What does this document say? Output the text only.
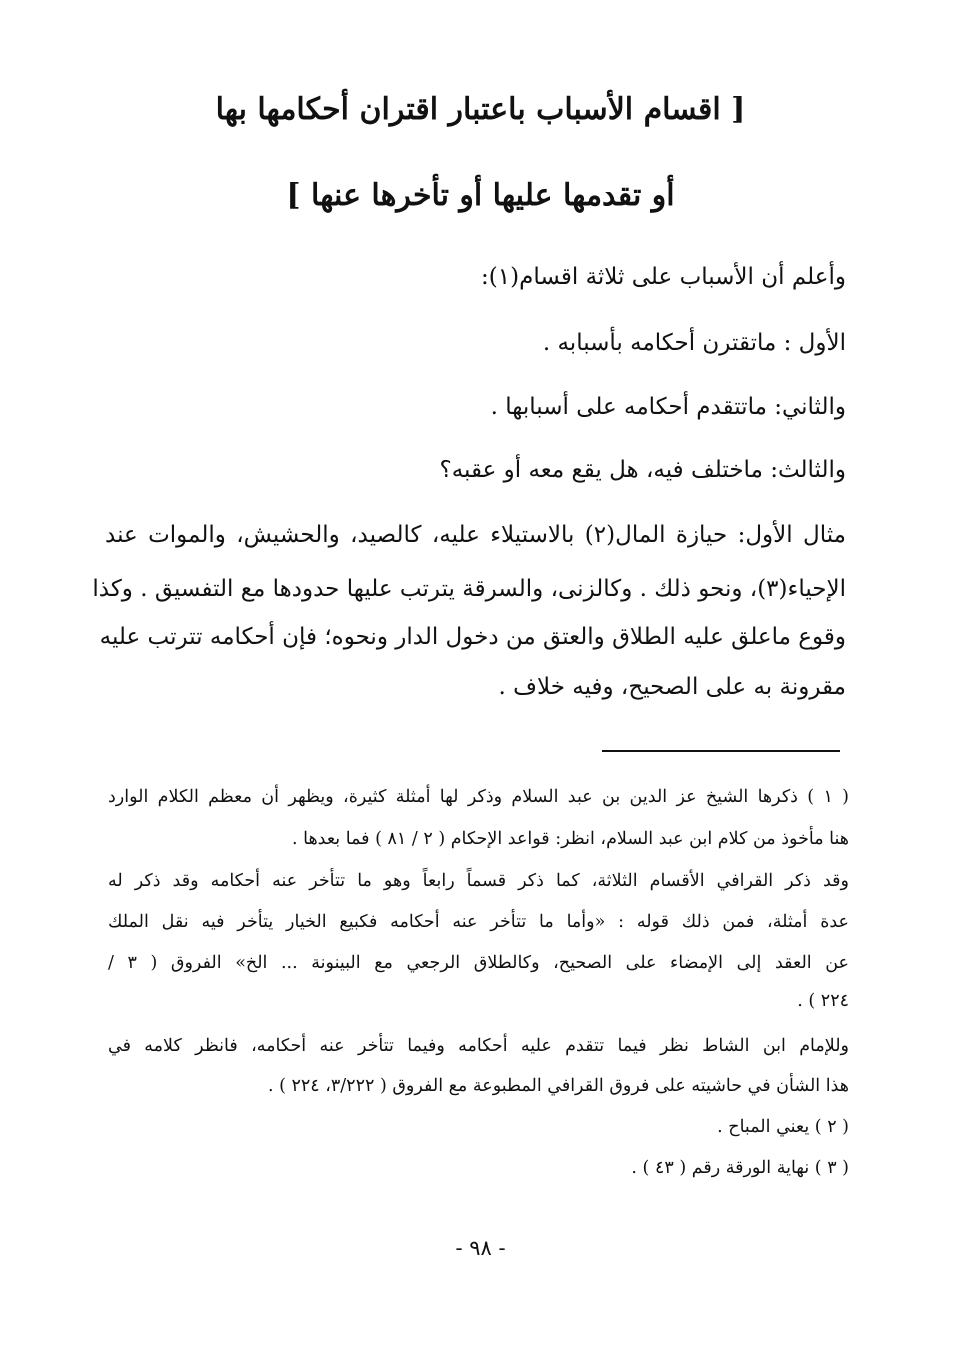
[ اقسام الأسباب باعتبار اقتران أحكامها بها

أو تقدمها عليها أو تأخرها عنها ]

وأعلم أن الأسباب على ثلاثة اقسام(١):

الأول : ماتقترن أحكامه بأسبابه .

والثاني: ماتتقدم أحكامه على أسبابها .

والثالث: ماختلف فيه، هل يقع معه أو عقبه؟

مثال الأول: حيازة المال(٢) بالاستيلاء عليه، كالصيد، والحشيش، والموات عند

الإحياء(٣)، ونحو ذلك . وكالزنى، والسرقة يترتب عليها حدودها مع التفسيق . وكذا

وقوع ماعلق عليه الطلاق والعتق من دخول الدار ونحوه؛ فإن أحكامه تترتب عليه

مقرونة به على الصحيح، وفيه خلاف .

( ١ ) ذكرها الشيخ عز الدين بن عبد السلام وذكر لها أمثلة كثيرة، ويظهر أن معظم الكلام الوارد

هنا مأخوذ من كلام ابن عبد السلام، انظر: قواعد الإحكام ( ٢ / ٨١ ) فما بعدها .

وقد ذكر القرافي الأقسام الثلاثة، كما ذكر قسماً رابعاً وهو ما تتأخر عنه أحكامه وقد ذكر له

عدة أمثلة، فمن ذلك قوله : «وأما ما تتأخر عنه أحكامه فكبيع الخيار يتأخر فيه نقل الملك

عن العقد إلى الإمضاء على الصحيح، وكالطلاق الرجعي مع البينونة ... الخ» الفروق ( ٣ /

٢٢٤ ) .

وللإمام ابن الشاط نظر فيما تتقدم عليه أحكامه وفيما تتأخر عنه أحكامه، فانظر كلامه في

هذا الشأن في حاشيته على فروق القرافي المطبوعة مع الفروق ( ٣/٢٢٢، ٢٢٤ ) .

( ٢ ) يعني المباح .

( ٣ ) نهاية الورقة رقم ( ٤٣ ) .

- ٩٨ -
